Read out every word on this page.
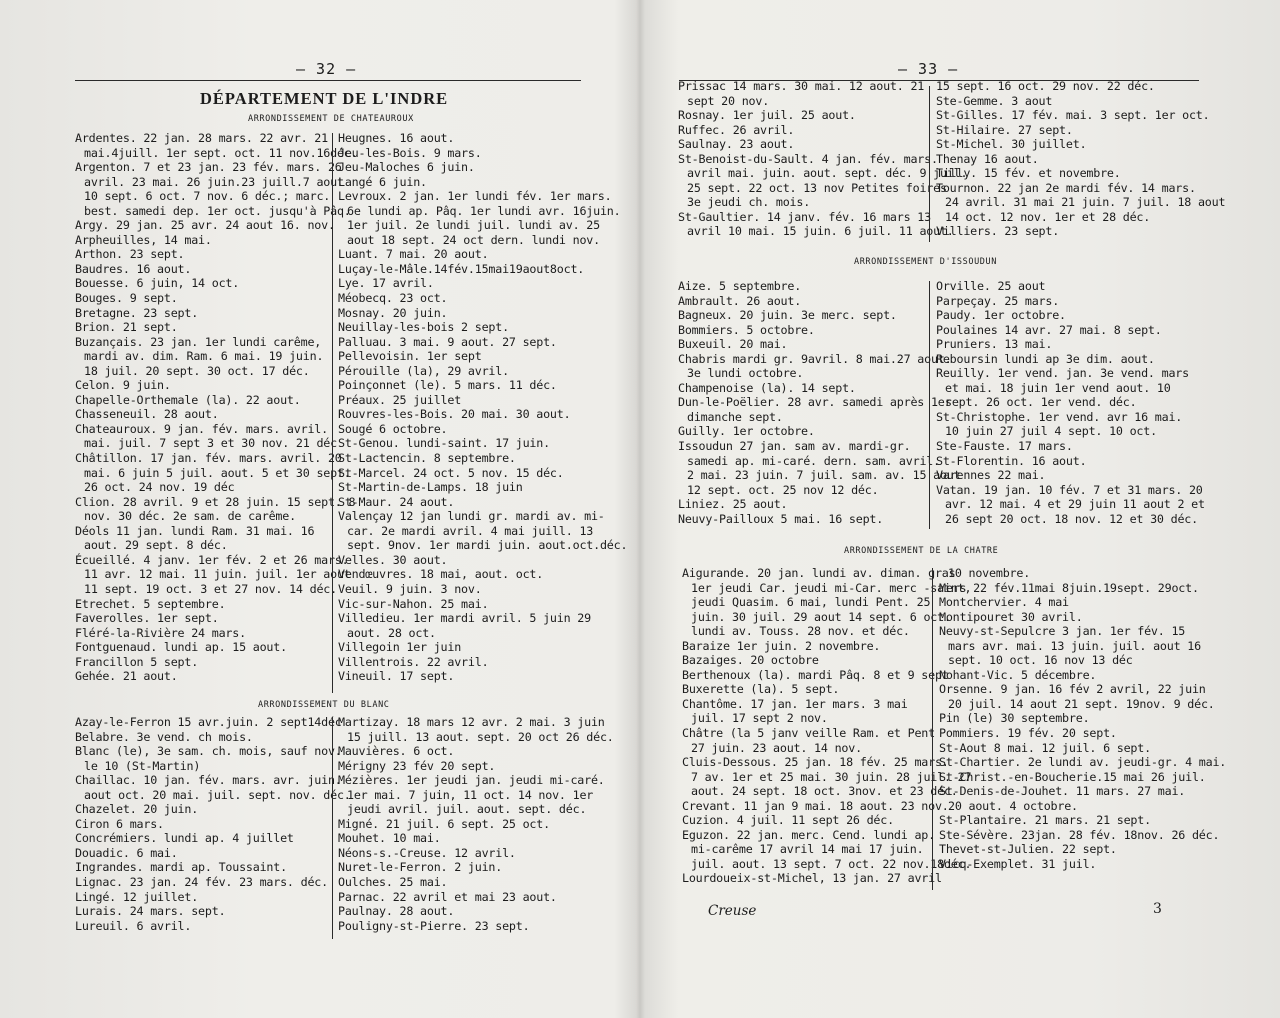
— 32 —
DÉPARTEMENT DE L'INDRE
ARRONDISSEMENT DE CHATEAUROUX

Ardentes. 22 jan. 28 mars. 22 avr. 21

mai.4juill. 1er sept. oct. 11 nov.16déc.

Argenton. 7 et 23 jan. 23 fév. mars. 26

avril. 23 mai. 26 juin.23 juill.7 aout

10 sept. 6 oct. 7 nov. 6 déc.; marc.

best. samedi dep. 1er oct. jusqu'à Pâq.

Argy. 29 jan. 25 avr. 24 aout 16. nov.

Arpheuilles, 14 mai.

Arthon. 23 sept.

Baudres. 16 aout.

Bouesse. 6 juin, 14 oct.

Bouges. 9 sept.

Bretagne. 23 sept.

Brion. 21 sept.

Buzançais. 23 jan. 1er lundi carême,

mardi av. dim. Ram. 6 mai. 19 juin.

18 juil. 20 sept. 30 oct. 17 déc.

Celon. 9 juin.

Chapelle-Orthemale (la). 22 aout.

Chasseneuil. 28 aout.

Chateauroux. 9 jan. fév. mars. avril.

mai. juil. 7 sept 3 et 30 nov. 21 déc

Châtillon. 17 jan. fév. mars. avril. 20

mai. 6 juin 5 juil. aout. 5 et 30 sept.

26 oct. 24 nov. 19 déc

Clion. 28 avril. 9 et 28 juin. 15 sept. 8

nov. 30 déc. 2e sam. de carême.

Déols 11 jan. lundi Ram. 31 mai. 16

aout. 29 sept. 8 déc.

Écueillé. 4 janv. 1er fév. 2 et 26 mars.

11 avr. 12 mai. 11 juin. juil. 1er aout

11 sept. 19 oct. 3 et 27 nov. 14 déc.

Etrechet. 5 septembre.

Faverolles. 1er sept.

Fléré-la-Rivière 24 mars.

Fontguenaud. lundi ap. 15 aout.

Francillon 5 sept.

Gehée. 21 aout.

Heugnes. 16 aout.

Jeu-les-Bois. 9 mars.

Jeu-Maloches 6 juin.

Langé 6 juin.

Levroux. 2 jan. 1er lundi fév. 1er mars.

6e lundi ap. Pâq. 1er lundi avr. 16juin.

1er juil. 2e lundi juil. lundi av. 25

aout 18 sept. 24 oct dern. lundi nov.

Luant. 7 mai. 20 aout.

Luçay-le-Mâle.14fév.15mai19aout8oct.

Lye. 17 avril.

Méobecq. 23 oct.

Mosnay. 20 juin.

Neuillay-les-bois 2 sept.

Palluau. 3 mai. 9 aout. 27 sept.

Pellevoisin. 1er sept

Pérouille (la), 29 avril.

Poinçonnet (le). 5 mars. 11 déc.

Préaux. 25 juillet

Rouvres-les-Bois. 20 mai. 30 aout.

Sougé 6 octobre.

St-Genou. lundi-saint. 17 juin.

St-Lactencin. 8 septembre.

St-Marcel. 24 oct. 5 nov. 15 déc.

St-Martin-de-Lamps. 18 juin

St-Maur. 24 aout.

Valençay 12 jan lundi gr. mardi av. mi-

car. 2e mardi avril. 4 mai juill. 13

sept. 9nov. 1er mardi juin. aout.oct.déc.

Velles. 30 aout.

Vendœuvres. 18 mai, aout. oct.

Veuil. 9 juin. 3 nov.

Vic-sur-Nahon. 25 mai.

Villedieu. 1er mardi avril. 5 juin 29

aout. 28 oct.

Villegoin 1er juin

Villentrois. 22 avril.

Vineuil. 17 sept.

ARRONDISSEMENT DU BLANC

Azay-le-Ferron 15 avr.juin. 2 sept14déc

Belabre. 3e vend. ch mois.

Blanc (le), 3e sam. ch. mois, sauf nov.

le 10 (St-Martin)

Chaillac. 10 jan. fév. mars. avr. juin.

aout oct. 20 mai. juil. sept. nov. déc.

Chazelet. 20 juin.

Ciron 6 mars.

Concrémiers. lundi ap. 4 juillet

Douadic. 6 mai.

Ingrandes. mardi ap. Toussaint.

Lignac. 23 jan. 24 fév. 23 mars. déc.

Lingé. 12 juillet.

Lurais. 24 mars. sept.

Lureuil. 6 avril.

Martizay. 18 mars 12 avr. 2 mai. 3 juin

15 juill. 13 aout. sept. 20 oct 26 déc.

Mauvières. 6 oct.

Mérigny 23 fév 20 sept.

Mézières. 1er jeudi jan. jeudi mi-caré.

1er mai. 7 juin, 11 oct. 14 nov. 1er

jeudi avril. juil. aout. sept. déc.

Migné. 21 juil. 6 sept. 25 oct.

Mouhet. 10 mai.

Néons-s.-Creuse. 12 avril.

Nuret-le-Ferron. 2 juin.

Oulches. 25 mai.

Parnac. 22 avril et mai 23 aout.

Paulnay. 28 aout.

Pouligny-st-Pierre. 23 sept.

— 33 —

Prissac 14 mars. 30 mai. 12 aout. 21

sept 20 nov.

Rosnay. 1er juil. 25 aout.

Ruffec. 26 avril.

Saulnay. 23 aout.

St-Benoist-du-Sault. 4 jan. fév. mars.

avril mai. juin. aout. sept. déc. 9 juil.

25 sept. 22 oct. 13 nov Petites foires

3e jeudi ch. mois.

St-Gaultier. 14 janv. fév. 16 mars 13

avril 10 mai. 15 juin. 6 juil. 11 aout.

15 sept. 16 oct. 29 nov. 22 déc.

Ste-Gemme. 3 aout

St-Gilles. 17 fév. mai. 3 sept. 1er oct.

St-Hilaire. 27 sept.

St-Michel. 30 juillet.

Thenay 16 aout.

Tilly. 15 fév. et novembre.

Tournon. 22 jan 2e mardi fév. 14 mars.

24 avril. 31 mai 21 juin. 7 juil. 18 aout

14 oct. 12 nov. 1er et 28 déc.

Villiers. 23 sept.

ARRONDISSEMENT D'ISSOUDUN

Aize. 5 septembre.

Ambrault. 26 aout.

Bagneux. 20 juin. 3e merc. sept.

Bommiers. 5 octobre.

Buxeuil. 20 mai.

Chabris mardi gr. 9avril. 8 mai.27 aout.

3e lundi octobre.

Champenoise (la). 14 sept.

Dun-le-Poëlier. 28 avr. samedi après 1er

dimanche sept.

Guilly. 1er octobre.

Issoudun 27 jan. sam av. mardi-gr.

samedi ap. mi-caré. dern. sam. avril.

2 mai. 23 juin. 7 juil. sam. av. 15 aout

12 sept. oct. 25 nov 12 déc.

Liniez. 25 aout.

Neuvy-Pailloux 5 mai. 16 sept.

Orville. 25 aout

Parpeçay. 25 mars.

Paudy. 1er octobre.

Poulaines 14 avr. 27 mai. 8 sept.

Pruniers. 13 mai.

Reboursin lundi ap 3e dim. aout.

Reuilly. 1er vend. jan. 3e vend. mars

et mai. 18 juin 1er vend aout. 10

sept. 26 oct. 1er vend. déc.

St-Christophe. 1er vend. avr 16 mai.

10 juin 27 juil 4 sept. 10 oct.

Ste-Fauste. 17 mars.

St-Florentin. 16 aout.

Varennes 22 mai.

Vatan. 19 jan. 10 fév. 7 et 31 mars. 20

avr. 12 mai. 4 et 29 juin 11 aout 2 et

26 sept 20 oct. 18 nov. 12 et 30 déc.

ARRONDISSEMENT DE LA CHATRE

Aigurande. 20 jan. lundi av. diman. gras

1er jeudi Car. jeudi mi-Car. merc -saint,

jeudi Quasim. 6 mai, lundi Pent. 25

juin. 30 juil. 29 aout 14 sept. 6 oct.

lundi av. Touss. 28 nov. et déc.

Baraize 1er juin. 2 novembre.

Bazaiges. 20 octobre

Berthenoux (la). mardi Pâq. 8 et 9 sept

Buxerette (la). 5 sept.

Chantôme. 17 jan. 1er mars. 3 mai

juil. 17 sept 2 nov.

Châtre (la 5 janv veille Ram. et Pent

27 juin. 23 aout. 14 nov.

Cluis-Dessous. 25 jan. 18 fév. 25 mars.

7 av. 1er et 25 mai. 30 juin. 28 juil. 27

aout. 24 sept. 18 oct. 3nov. et 23 déc.

Crevant. 11 jan 9 mai. 18 aout. 23 nov.

Cuzion. 4 juil. 11 sept 26 déc.

Eguzon. 22 jan. merc. Cend. lundi ap.

mi-carême 17 avril 14 mai 17 juin.

juil. aout. 13 sept. 7 oct. 22 nov.18déc.

Lourdoueix-st-Michel, 13 jan. 27 avril

10 novembre.

Mers 22 fév.11mai 8juin.19sept. 29oct.

Montchervier. 4 mai

Montipouret 30 avril.

Neuvy-st-Sepulcre 3 jan. 1er fév. 15

mars avr. mai. 13 juin. juil. aout 16

sept. 10 oct. 16 nov 13 déc

Nohant-Vic. 5 décembre.

Orsenne. 9 jan. 16 fév 2 avril, 22 juin

20 juil. 14 aout 21 sept. 19nov. 9 déc.

Pin (le) 30 septembre.

Pommiers. 19 fév. 20 sept.

St-Aout 8 mai. 12 juil. 6 sept.

St-Chartier. 2e lundi av. jeudi-gr. 4 mai.

St-Christ.-en-Boucherie.15 mai 26 juil.

St-Denis-de-Jouhet. 11 mars. 27 mai.

20 aout. 4 octobre.

St-Plantaire. 21 mars. 21 sept.

Ste-Sévère. 23jan. 28 fév. 18nov. 26 déc.

Thevet-st-Julien. 22 sept.

Vicq-Exemplet. 31 juil.

Creuse	3
